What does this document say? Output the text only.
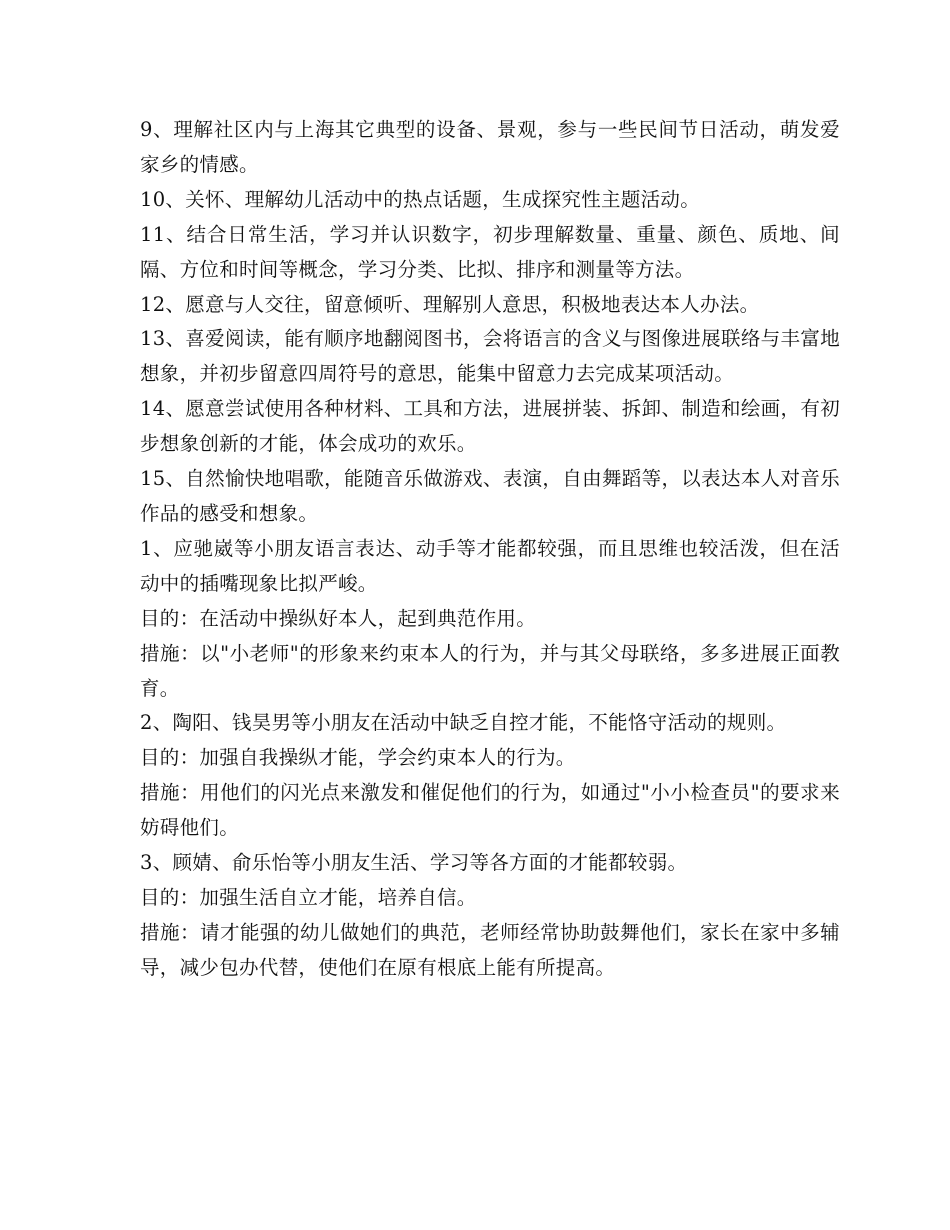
9、理解社区内与上海其它典型的设备、景观，参与一些民间节日活动，萌发爱家乡的情感。

10、关怀、理解幼儿活动中的热点话题，生成探究性主题活动。

11、结合日常生活，学习并认识数字，初步理解数量、重量、颜色、质地、间隔、方位和时间等概念，学习分类、比拟、排序和测量等方法。

12、愿意与人交往，留意倾听、理解别人意思，积极地表达本人办法。

13、喜爱阅读，能有顺序地翻阅图书，会将语言的含义与图像进展联络与丰富地想象，并初步留意四周符号的意思，能集中留意力去完成某项活动。

14、愿意尝试使用各种材料、工具和方法，进展拼装、拆卸、制造和绘画，有初步想象创新的才能，体会成功的欢乐。

15、自然愉快地唱歌，能随音乐做游戏、表演，自由舞蹈等，以表达本人对音乐作品的感受和想象。

1、应驰崴等小朋友语言表达、动手等才能都较强，而且思维也较活泼，但在活动中的插嘴现象比拟严峻。

目的：在活动中操纵好本人，起到典范作用。

措施：以"小老师"的形象来约束本人的行为，并与其父母联络，多多进展正面教育。

2、陶阳、钱昊男等小朋友在活动中缺乏自控才能，不能恪守活动的规则。

目的：加强自我操纵才能，学会约束本人的行为。

措施：用他们的闪光点来激发和催促他们的行为，如通过"小小检查员"的要求来妨碍他们。

3、顾婧、俞乐怡等小朋友生活、学习等各方面的才能都较弱。

目的：加强生活自立才能，培养自信。

措施：请才能强的幼儿做她们的典范，老师经常协助鼓舞他们，家长在家中多辅导，减少包办代替，使他们在原有根底上能有所提高。
